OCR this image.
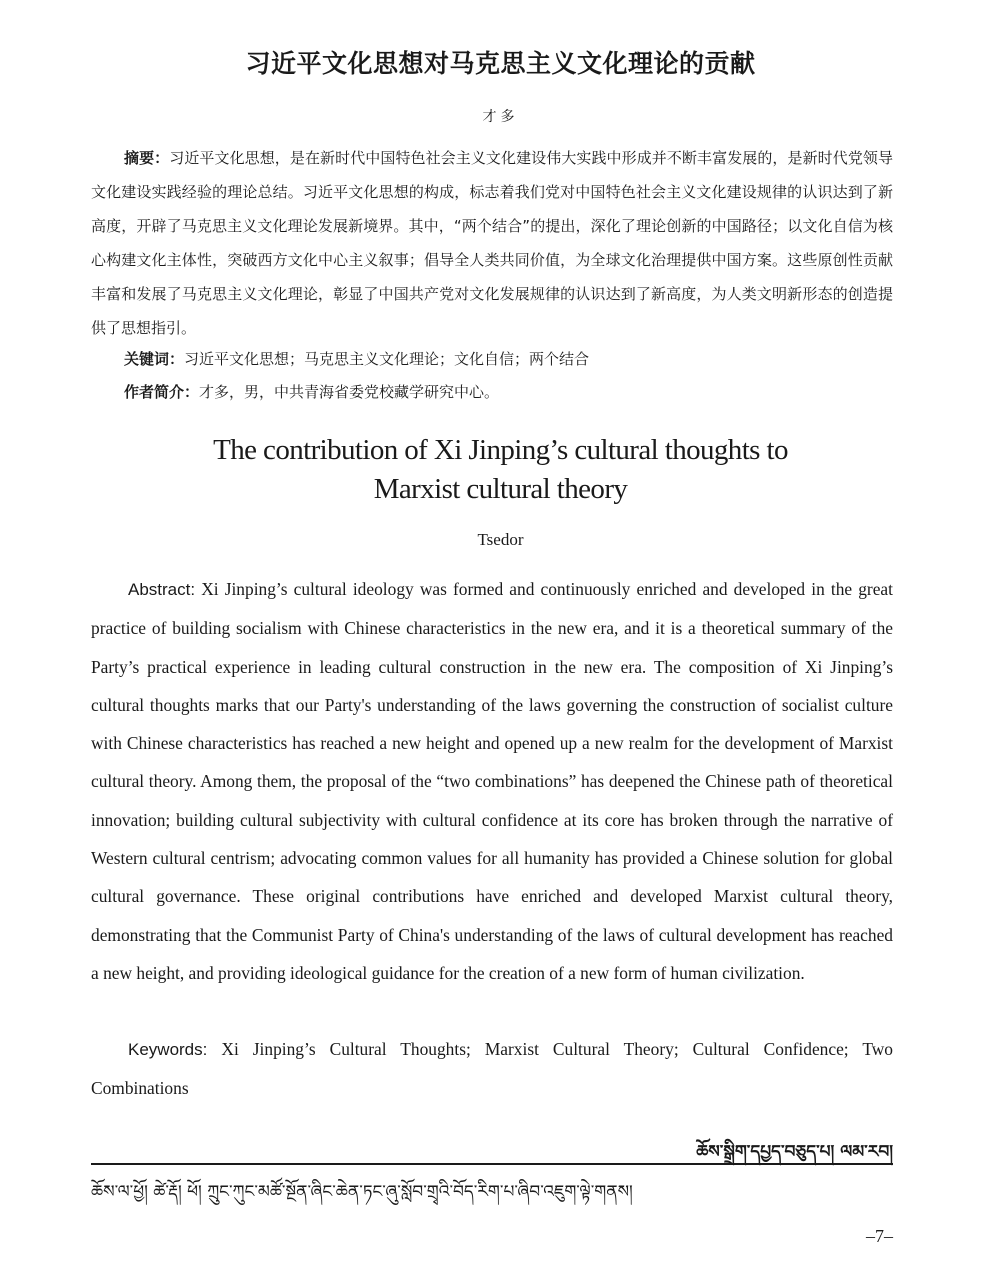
习近平文化思想对马克思主义文化理论的贡献
才多
摘要：习近平文化思想，是在新时代中国特色社会主义文化建设伟大实践中形成并不断丰富发展的，是新时代党领导文化建设实践经验的理论总结。习近平文化思想的构成，标志着我们党对中国特色社会主义文化建设规律的认识达到了新高度，开辟了马克思主义文化理论发展新境界。其中，“两个结合”的提出，深化了理论创新的中国路径；以文化自信为核心构建文化主体性，突破西方文化中心主义叙事；倡导全人类共同价值，为全球文化治理提供中国方案。这些原创性贡献丰富和发展了马克思主义文化理论，彰显了中国共产党对文化发展规律的认识达到了新高度，为人类文明新形态的创造提供了思想指引。
关键词：习近平文化思想；马克思主义文化理论；文化自信；两个结合
作者简介：才多，男，中共青海省委党校藏学研究中心。
The contribution of Xi Jinping’s cultural thoughts to
Marxist cultural theory
Tsedor
Abstract: Xi Jinping’s cultural ideology was formed and continuously enriched and developed in the great practice of building socialism with Chinese characteristics in the new era, and it is a theoretical summary of the Party’s practical experience in leading cultural construction in the new era. The composition of Xi Jinping’s cultural thoughts marks that our Party's understanding of the laws governing the construction of socialist culture with Chinese characteristics has reached a new height and opened up a new realm for the development of Marxist cultural theory. Among them, the proposal of the “two combinations” has deepened the Chinese path of theoretical innovation; building cultural subjectivity with cultural confidence at its core has broken through the narrative of Western cultural centrism; advocating common values for all humanity has provided a Chinese solution for global cultural governance. These original contributions have enriched and developed Marxist cultural theory, demonstrating that the Communist Party of China's understanding of the laws of cultural development has reached a new height, and providing ideological guidance for the creation of a new form of human civilization.
Keywords: Xi Jinping’s Cultural Thoughts; Marxist Cultural Theory; Cultural Confidence; Two Combinations
ཆོས་སྒྲིག་དཔྱད་བཅུད་པ། ལམ་རབ།
ཆོས་ལ་ཕྱོ། ཚེ་རྡོ། ཕོ། ཀྲུང་ཀུང་མཚོ་སྔོན་ཞིང་ཆེན་ཏང་ཞུ་སློབ་གྲྭའི་བོད་རིག་པ་ཞིབ་འཇུག་ལྟེ་གནས།
–7–
